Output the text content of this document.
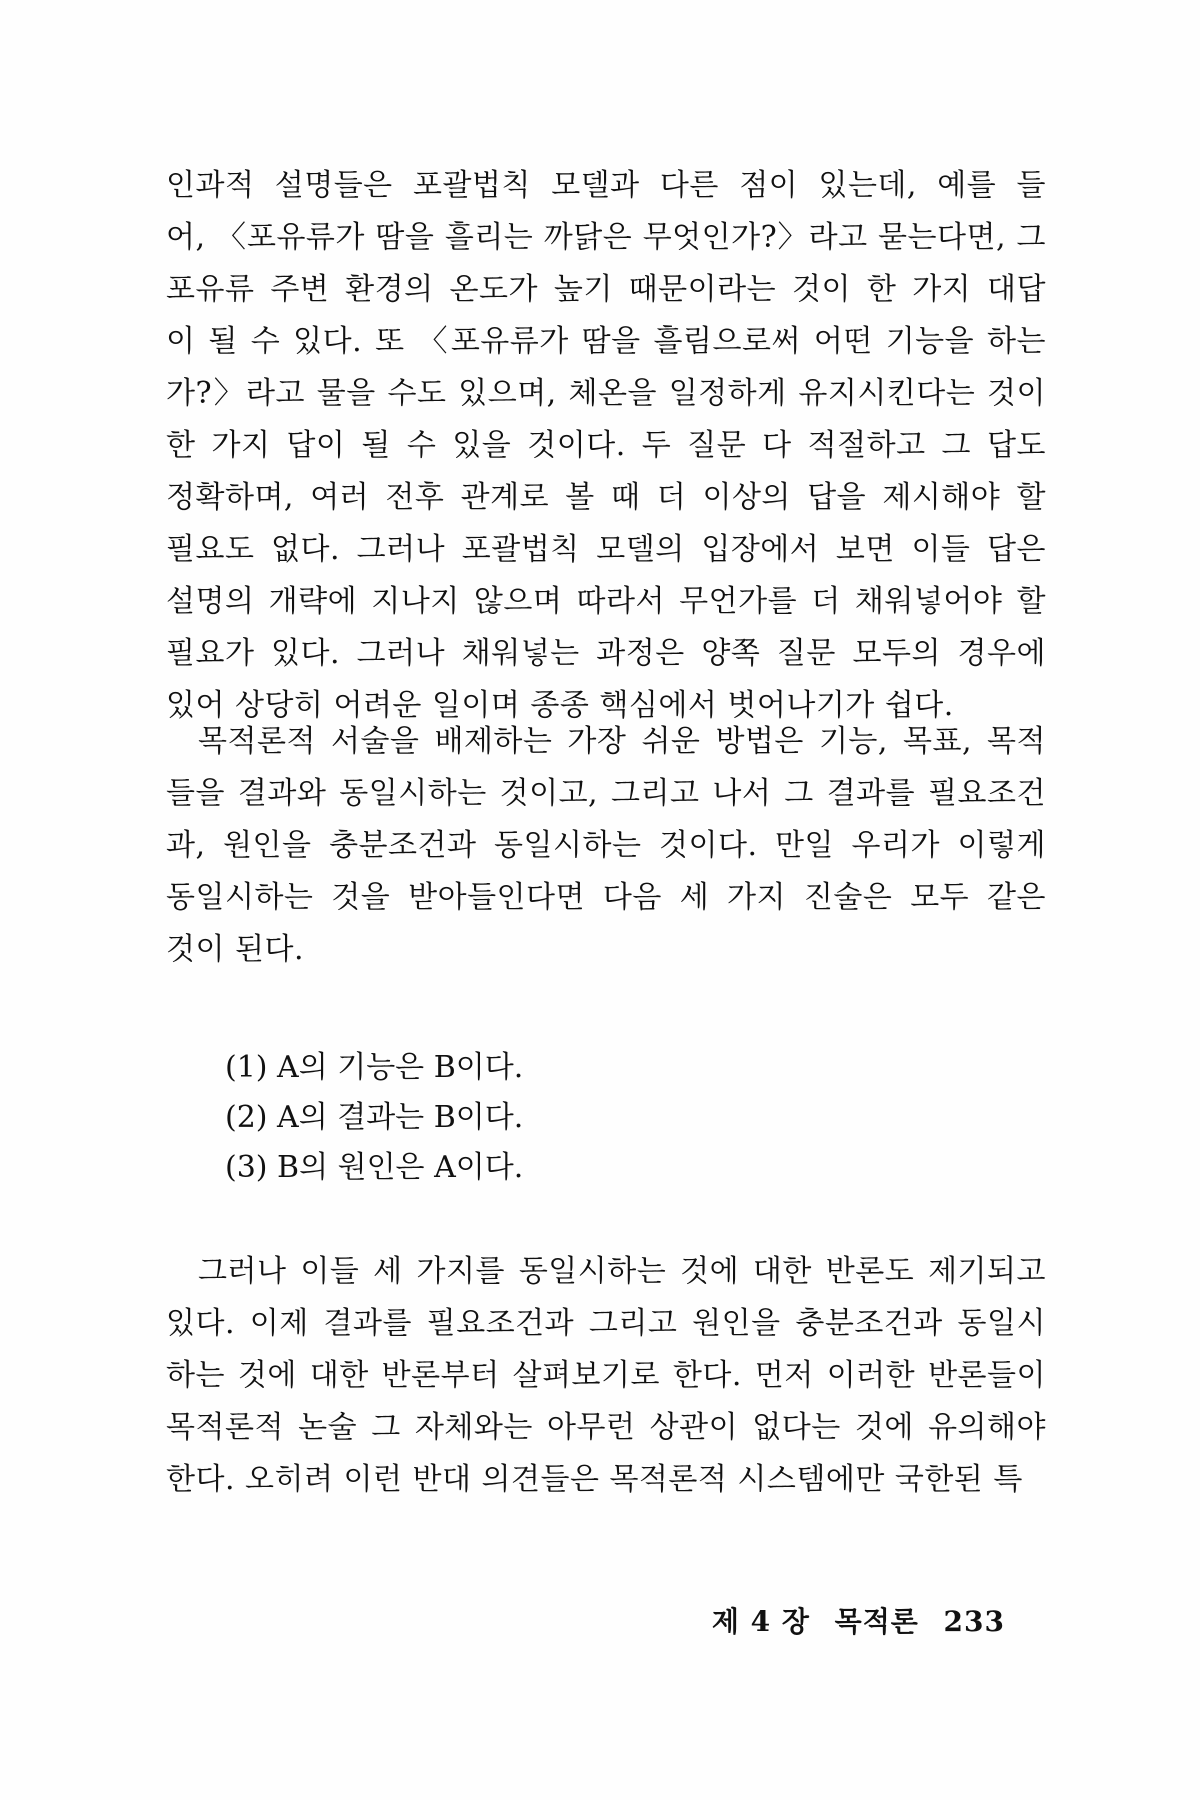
인과적 설명들은 포괄법칙 모델과 다른 점이 있는데, 예를 들
어, 〈포유류가 땀을 흘리는 까닭은 무엇인가?〉라고 묻는다면, 그
포유류 주변 환경의 온도가 높기 때문이라는 것이 한 가지 대답
이 될 수 있다. 또 〈포유류가 땀을 흘림으로써 어떤 기능을 하는
가?〉라고 물을 수도 있으며, 체온을 일정하게 유지시킨다는 것이
한 가지 답이 될 수 있을 것이다. 두 질문 다 적절하고 그 답도
정확하며, 여러 전후 관계로 볼 때 더 이상의 답을 제시해야 할
필요도 없다. 그러나 포괄법칙 모델의 입장에서 보면 이들 답은
설명의 개략에 지나지 않으며 따라서 무언가를 더 채워넣어야 할
필요가 있다. 그러나 채워넣는 과정은 양쪽 질문 모두의 경우에
있어 상당히 어려운 일이며 종종 핵심에서 벗어나기가 쉽다.
목적론적 서술을 배제하는 가장 쉬운 방법은 기능, 목표, 목적
들을 결과와 동일시하는 것이고, 그리고 나서 그 결과를 필요조건
과, 원인을 충분조건과 동일시하는 것이다. 만일 우리가 이렇게
동일시하는 것을 받아들인다면 다음 세 가지 진술은 모두 같은
것이 된다.
(1) A의 기능은 B이다.
(2) A의 결과는 B이다.
(3) B의 원인은 A이다.
그러나 이들 세 가지를 동일시하는 것에 대한 반론도 제기되고
있다. 이제 결과를 필요조건과 그리고 원인을 충분조건과 동일시
하는 것에 대한 반론부터 살펴보기로 한다. 먼저 이러한 반론들이
목적론적 논술 그 자체와는 아무런 상관이 없다는 것에 유의해야
한다. 오히려 이런 반대 의견들은 목적론적 시스템에만 국한된 특
제 4 장 목적론 233
